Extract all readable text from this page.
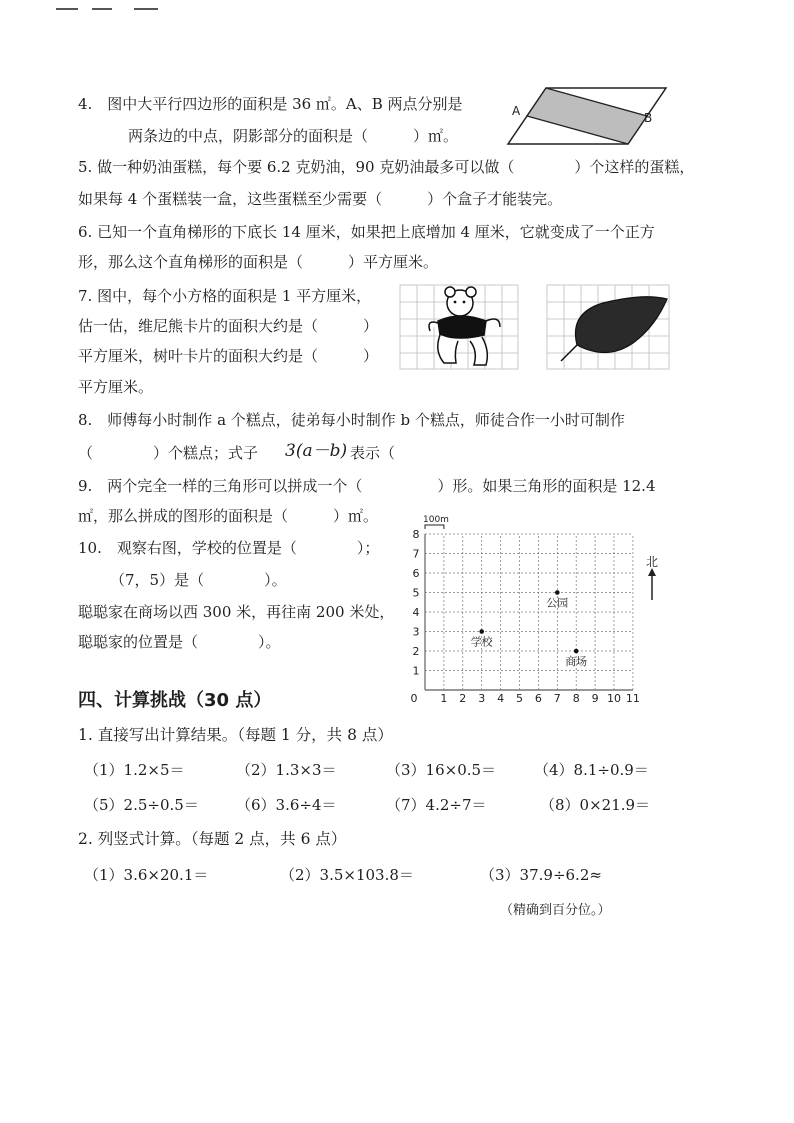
4.　图中大平行四边形的面积是 36 ㎡。A、B 两点分别是
两条边的中点，阴影部分的面积是（　　　）㎡。
A	B
5. 做一种奶油蛋糕，每个要 6.2 克奶油，90 克奶油最多可以做（　　　　）个这样的蛋糕，
如果每 4 个蛋糕装一盒，这些蛋糕至少需要（　　　）个盒子才能装完。
6. 已知一个直角梯形的下底长 14 厘米，如果把上底增加 4 厘米，它就变成了一个正方
形，那么这个直角梯形的面积是（　　　）平方厘米。
7. 图中，每个小方格的面积是 1 平方厘米，
估一估，维尼熊卡片的面积大约是（　　　）
平方厘米，树叶卡片的面积大约是（　　　）
平方厘米。
8.　师傅每小时制作 a 个糕点，徒弟每小时制作 b 个糕点，师徒合作一小时可制作
（　　　　）个糕点；式子 3(a－b) 表示（
9.　两个完全一样的三角形可以拼成一个（　　　　　）形。如果三角形的面积是 12.4
㎡，那么拼成的图形的面积是（　　　）㎡。
10.　观察右图，学校的位置是（　　　　）；
（7，5）是（　　　　）。
聪聪家在商场以西 300 米，再往南 200 米处，
聪聪家的位置是（　　　　）。
0 1 2 3 4 5 6 7 8 9 10 11
1
2
3
4
5
6
7
8
100m
公园
学校
商场
北
四、计算挑战（30 点）
1. 直接写出计算结果。（每题 1 分，共 8 点）
（1）1.2×5＝	（2）1.3×3＝	（3）16×0.5＝	（4）8.1÷0.9＝
（5）2.5÷0.5＝ （6）3.6÷4＝	（7）4.2÷7＝	（8）0×21.9＝
2. 列竖式计算。（每题 2 点，共 6 点）
（1）3.6×20.1＝	（2）3.5×103.8＝	（3）37.9÷6.2≈
（精确到百分位。）
